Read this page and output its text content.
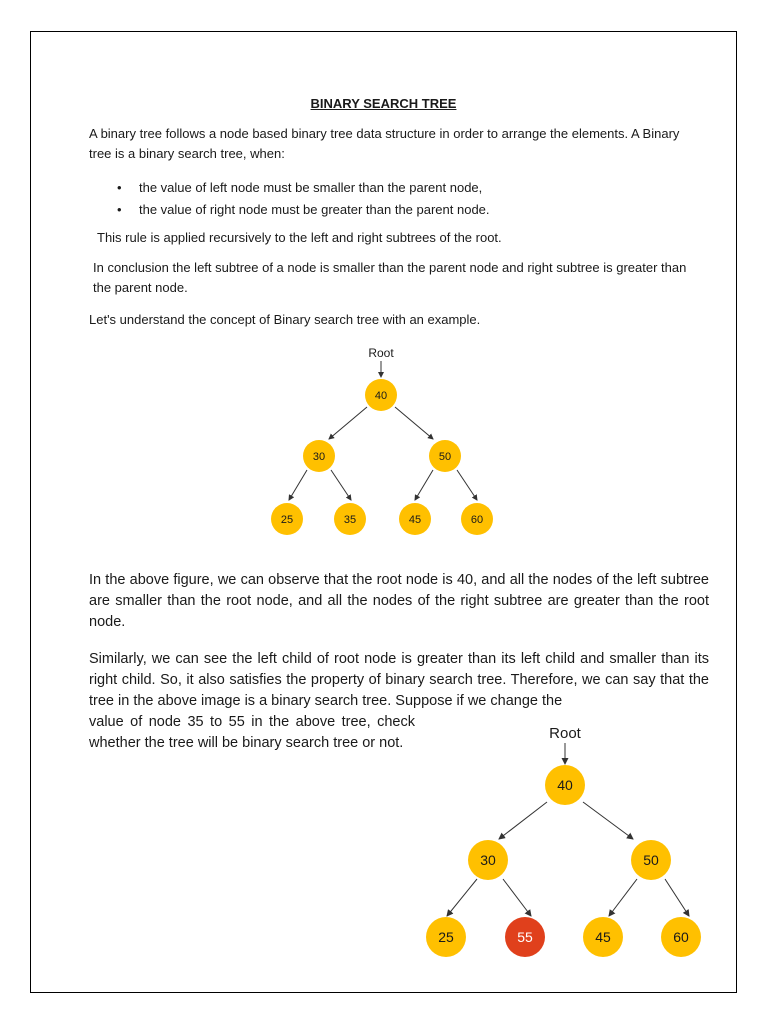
BINARY SEARCH TREE

A binary tree follows a node based binary tree data structure in order to arrange the elements. A Binary tree is a binary search tree, when:

• the value of left node must be smaller than the parent node,
• the value of right node must be greater than the parent node.

This rule is applied recursively to the left and right subtrees of the root.

In conclusion the left subtree of a node is smaller than the parent node and right subtree is greater than the parent node.

Let's understand the concept of Binary search tree with an example.

Root
40
30	50
25	35	45	60

In the above figure, we can observe that the root node is 40, and all the nodes of the left subtree are smaller than the root node, and all the nodes of the right subtree are greater than the root node.

Similarly, we can see the left child of root node is greater than its left child and smaller than its right child. So, it also satisfies the property of binary search tree. Therefore, we can say that the tree in the above image is a binary search tree. Suppose if we change the

value of node 35 to 55 in the above tree, check whether the tree will be binary search tree or not.

Root
40
30	50
25	55	45	60
